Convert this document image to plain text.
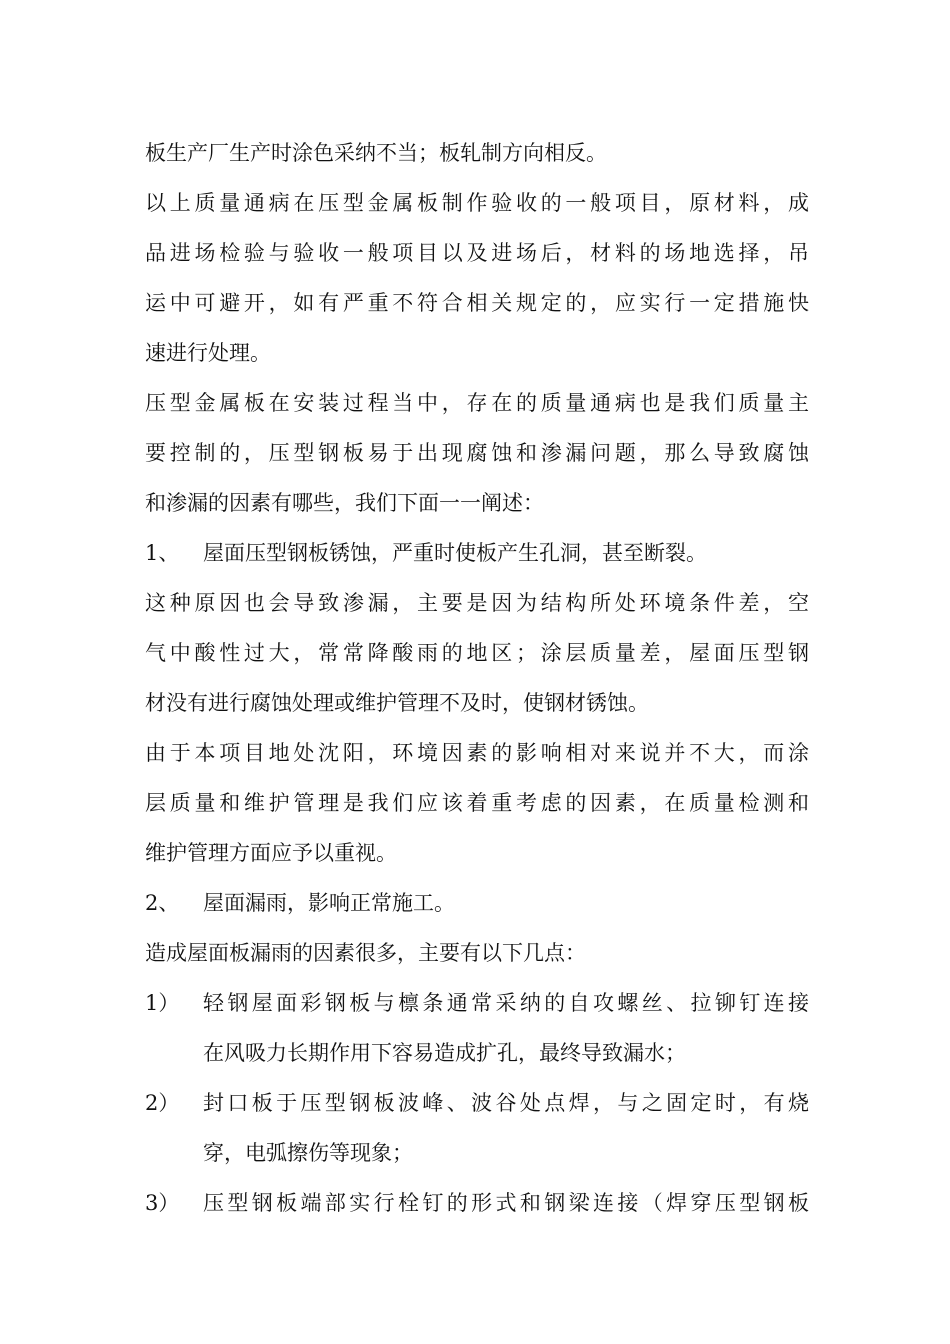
板生产厂生产时涂色采纳不当；板轧制方向相反。
以上质量通病在压型金属板制作验收的一般项目，原材料，成
品进场检验与验收一般项目以及进场后，材料的场地选择，吊
运中可避开，如有严重不符合相关规定的，应实行一定措施快
速进行处理。
压型金属板在安装过程当中，存在的质量通病也是我们质量主
要控制的，压型钢板易于出现腐蚀和渗漏问题，那么导致腐蚀
和渗漏的因素有哪些，我们下面一一阐述：
1、	屋面压型钢板锈蚀，严重时使板产生孔洞，甚至断裂。
这种原因也会导致渗漏，主要是因为结构所处环境条件差，空
气中酸性过大，常常降酸雨的地区；涂层质量差，屋面压型钢
材没有进行腐蚀处理或维护管理不及时，使钢材锈蚀。
由于本项目地处沈阳，环境因素的影响相对来说并不大，而涂
层质量和维护管理是我们应该着重考虑的因素，在质量检测和
维护管理方面应予以重视。
2、	屋面漏雨，影响正常施工。
造成屋面板漏雨的因素很多，主要有以下几点：
1）	轻钢屋面彩钢板与檩条通常采纳的自攻螺丝、拉铆钉连接
在风吸力长期作用下容易造成扩孔，最终导致漏水；
2）	封口板于压型钢板波峰、波谷处点焊，与之固定时，有烧
穿，电弧擦伤等现象；
3）	压型钢板端部实行栓钉的形式和钢梁连接（焊穿压型钢板
